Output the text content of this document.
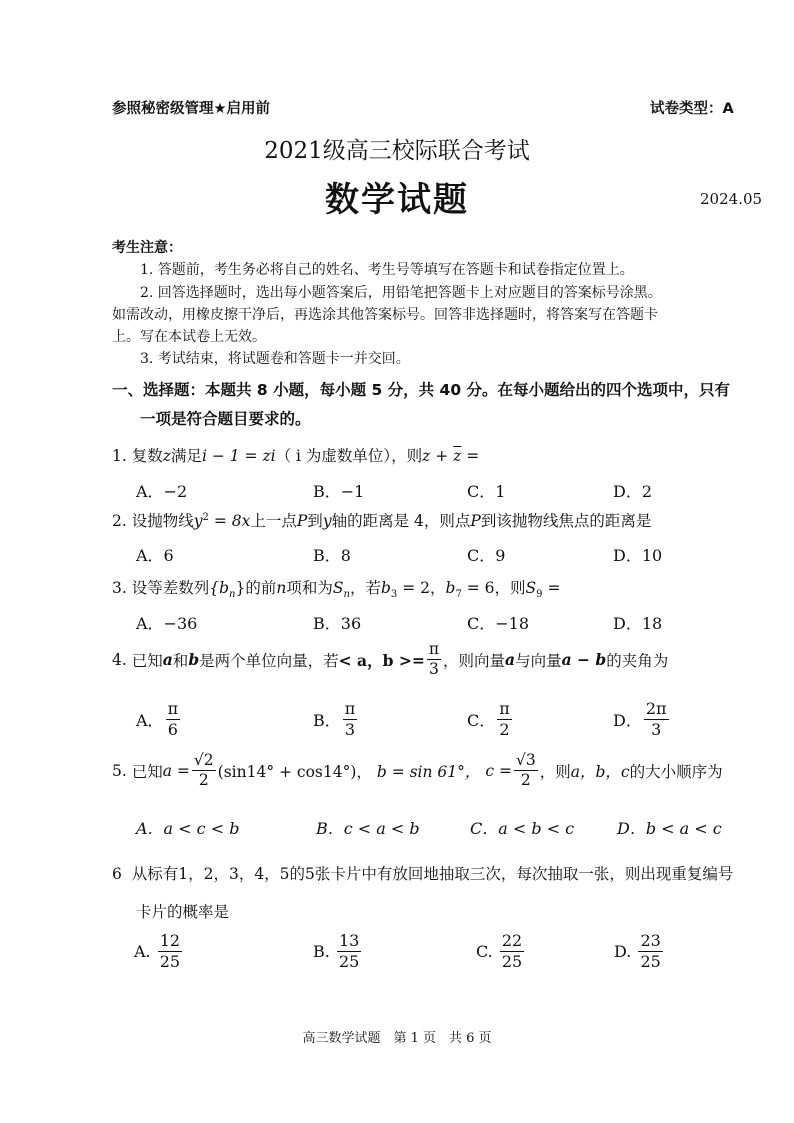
参照秘密级管理★启用前	试卷类型：A
2021级高三校际联合考试
数学试题	2024.05
考生注意：
1. 答题前，考生务必将自己的姓名、考生号等填写在答题卡和试卷指定位置上。
2. 回答选择题时，选出每小题答案后，用铅笔把答题卡上对应题目的答案标号涂黑。
如需改动，用橡皮擦干净后，再选涂其他答案标号。回答非选择题时，将答案写在答题卡
上。写在本试卷上无效。
3. 考试结束，将试题卷和答题卡一并交回。
一、选择题：本题共 8 小题，每小题 5 分，共 40 分。在每小题给出的四个选项中，只有
一项是符合题目要求的。
1. 复数z满足i − 1 = zi（ i 为虚数单位），则$z + \overline{z}$ =
A．−2	B．−1	C．1	D．2
2. 设抛物线$y^2 = 8x$上一点P到y轴的距离是 4，则点P到该抛物线焦点的距离是
A．6	B．8	C．9	D．10
3. 设等差数列$\{b_n\}$的前n项和为$S_n$，若$b_3 = 2$，$b_7 = 6$，则$S_9$ =
A．−36	B．36	C．−18	D．18
4.
已知 a 和 b 是两个单位向量，若 < a，$b >= \frac{\pi}{3}$ ，则向量 a 与向量 a − b 的夹角为
A． $\frac{\pi}{6}$	B． $\frac{\pi}{3}$	C． $\frac{\pi}{2}$	D． $\frac{2\pi}{3}$
5.
已知 $a = \frac{√2}{2} (\sin 14^\circ + \cos 14^\circ)$，
b = sin 61°，
$c = \frac{√3}{2}$ ，则 a，b，c 的大小顺序为
A．a < c < b	B．c < a < b	C．a < b < c	D．b < a < c
6 从标有1，2，3，4，5的5张卡片中有放回地抽取三次，每次抽取一张，则出现重复编号
卡片的概率是
A.
$\frac{12}{25}$	B.
$\frac{13}{25}$	C.
$\frac{22}{25}$	D.
$\frac{23}{25}$
高三数学试题　第 1 页　共 6 页
